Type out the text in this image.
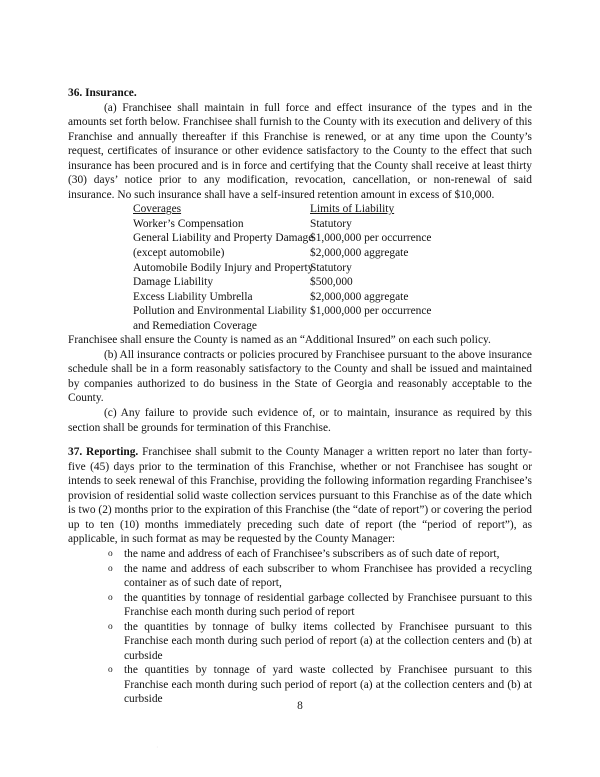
36. Insurance.

(a) Franchisee shall maintain in full force and effect insurance of the types and in the amounts set forth below. Franchisee shall furnish to the County with its execution and delivery of this Franchise and annually thereafter if this Franchise is renewed, or at any time upon the County’s request, certificates of insurance or other evidence satisfactory to the County to the effect that such insurance has been procured and is in force and certifying that the County shall receive at least thirty (30) days’ notice prior to any modification, revocation, cancellation, or non-renewal of said insurance. No such insurance shall have a self-insured retention amount in excess of $10,000.

Coverages	Limits of Liability
Worker’s Compensation	Statutory
General Liability and Property Damage	$1,000,000 per occurrence
(except automobile)	$2,000,000 aggregate
Automobile Bodily Injury and Property	Statutory
Damage Liability	$500,000
Excess Liability Umbrella	$2,000,000 aggregate
Pollution and Environmental Liability	$1,000,000 per occurrence
and Remediation Coverage	

Franchisee shall ensure the County is named as an “Additional Insured” on each such policy.

(b) All insurance contracts or policies procured by Franchisee pursuant to the above insurance schedule shall be in a form reasonably satisfactory to the County and shall be issued and maintained by companies authorized to do business in the State of Georgia and reasonably acceptable to the County.

(c) Any failure to provide such evidence of, or to maintain, insurance as required by this section shall be grounds for termination of this Franchise.

37. Reporting. Franchisee shall submit to the County Manager a written report no later than forty-five (45) days prior to the termination of this Franchise, whether or not Franchisee has sought or intends to seek renewal of this Franchise, providing the following information regarding Franchisee’s provision of residential solid waste collection services pursuant to this Franchise as of the date which is two (2) months prior to the expiration of this Franchise (the “date of report”) or covering the period up to ten (10) months immediately preceding such date of report (the “period of report”), as applicable, in such format as may be requested by the County Manager:

o the name and address of each of Franchisee’s subscribers as of such date of report,
o the name and address of each subscriber to whom Franchisee has provided a recycling container as of such date of report,
o the quantities by tonnage of residential garbage collected by Franchisee pursuant to this Franchise each month during such period of report
o the quantities by tonnage of bulky items collected by Franchisee pursuant to this Franchise each month during such period of report (a) at the collection centers and (b) at curbside
o the quantities by tonnage of yard waste collected by Franchisee pursuant to this Franchise each month during such period of report (a) at the collection centers and (b) at curbside
8
·
